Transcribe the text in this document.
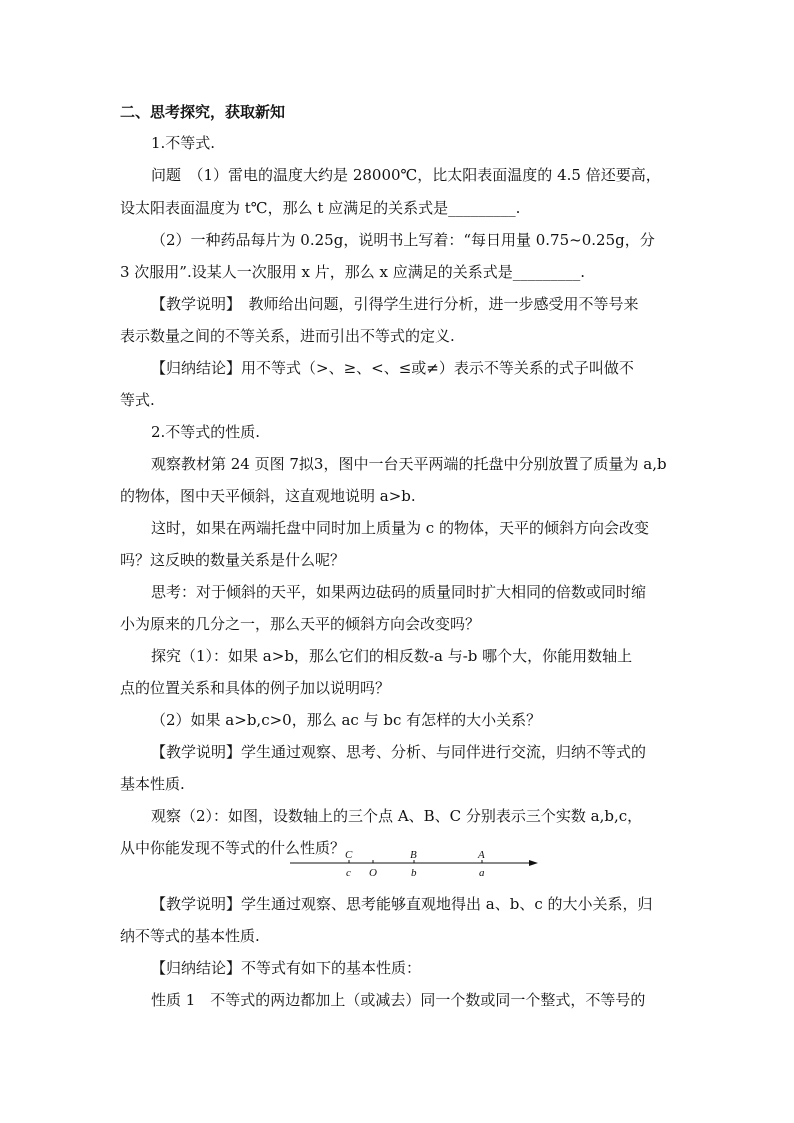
二、思考探究，获取新知
1.不等式.
问题　（1）雷电的温度大约是 28000℃，比太阳表面温度的 4.5 倍还要高，
设太阳表面温度为 t℃，那么 t 应满足的关系式是_________.
（2）一种药品每片为 0.25g，说明书上写着：“每日用量 0.75~0.25g，分
3 次服用”.设某人一次服用 x 片，那么 x 应满足的关系式是_________.
【教学说明】　教师给出问题，引得学生进行分析，进一步感受用不等号来
表示数量之间的不等关系，进而引出不等式的定义.
【归纳结论】用不等式（>、≥、<、≤或≠）表示不等关系的式子叫做不
等式.
2.不等式的性质.
观察教材第 24 页图 7拟3，图中一台天平两端的托盘中分别放置了质量为 a,b
的物体，图中天平倾斜，这直观地说明 a>b.
这时，如果在两端托盘中同时加上质量为 c 的物体，天平的倾斜方向会改变
吗？这反映的数量关系是什么呢？
思考：对于倾斜的天平，如果两边砝码的质量同时扩大相同的倍数或同时缩
小为原来的几分之一，那么天平的倾斜方向会改变吗？
探究（1）：如果 a>b，那么它们的相反数-a 与-b 哪个大，你能用数轴上
点的位置关系和具体的例子加以说明吗？
（2）如果 a>b,c>0，那么 ac 与 bc 有怎样的大小关系？
【教学说明】学生通过观察、思考、分析、与同伴进行交流，归纳不等式的
基本性质.
观察（2）：如图，设数轴上的三个点 A、B、C 分别表示三个实数 a,b,c，
从中你能发现不等式的什么性质？ C
c O
B
b
A
a
【教学说明】学生通过观察、思考能够直观地得出 a、b、c 的大小关系，归
纳不等式的基本性质.
【归纳结论】不等式有如下的基本性质：
性质 1　不等式的两边都加上（或减去）同一个数或同一个整式，不等号的
